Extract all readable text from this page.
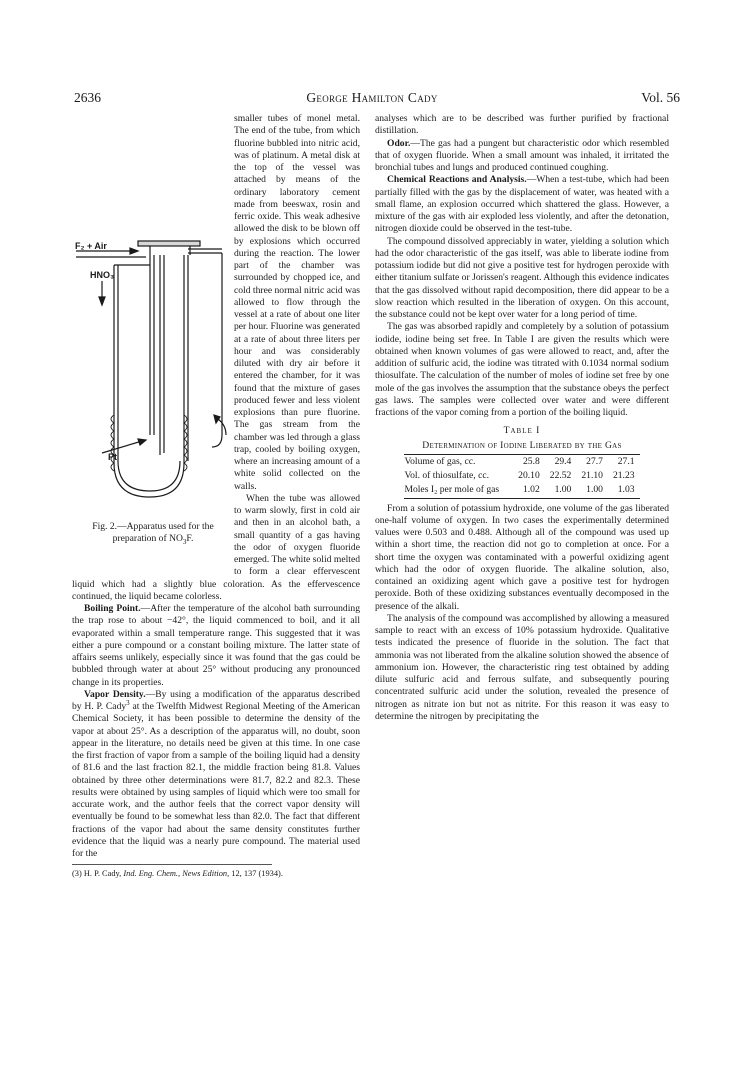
2636	George Hamilton Cady	Vol. 56

F₂ + Air
HNO₃
Pt
Fig. 2.—Apparatus used for the preparation of $NO_3F$.

smaller tubes of monel metal. The end of the tube, from which fluorine bubbled into nitric acid, was of platinum. A metal disk at the top of the vessel was attached by means of the ordinary laboratory cement made from beeswax, rosin and ferric oxide. This weak adhesive allowed the disk to be blown off by explosions which occurred during the reaction. The lower part of the chamber was surrounded by chopped ice, and cold three normal nitric acid was allowed to flow through the vessel at a rate of about one liter per hour. Fluorine was generated at a rate of about three liters per hour and was considerably diluted with dry air before it entered the chamber, for it was found that the mixture of gases produced fewer and less violent explosions than pure fluorine. The gas stream from the chamber was led through a glass trap, cooled by boiling oxygen, where an increasing amount of a white solid collected on the walls.

When the tube was allowed to warm slowly, first in cold air and then in an alcohol bath, a small quantity of a gas having the odor of oxygen fluoride emerged. The white solid melted to form a clear effervescent liquid which had a slightly blue coloration. As the effervescence continued, the liquid became colorless.

Boiling Point.—After the temperature of the alcohol bath surrounding the trap rose to about −42°, the liquid commenced to boil, and it all evaporated within a small temperature range. This suggested that it was either a pure compound or a constant boiling mixture. The latter state of affairs seems unlikely, especially since it was found that the gas could be bubbled through water at about 25° without producing any pronounced change in its properties.

Vapor Density.—By using a modification of the apparatus described by H. P. Cady$^3$ at the Twelfth Midwest Regional Meeting of the American Chemical Society, it has been possible to determine the density of the vapor at about 25°. As a description of the apparatus will, no doubt, soon appear in the literature, no details need be given at this time. In one case the first fraction of vapor from a sample of the boiling liquid had a density of 81.6 and the last fraction 82.1, the middle fraction being 81.8. Values obtained by three other determinations were 81.7, 82.2 and 82.3. These results were obtained by using samples of liquid which were too small for accurate work, and the author feels that the correct vapor density will eventually be found to be somewhat less than 82.0. The fact that different fractions of the vapor had about the same density constitutes further evidence that the liquid was a nearly pure compound. The material used for the

(3) H. P. Cady, Ind. Eng. Chem., News Edition, 12, 137 (1934).

analyses which are to be described was further purified by fractional distillation.

Odor.—The gas had a pungent but characteristic odor which resembled that of oxygen fluoride. When a small amount was inhaled, it irritated the bronchial tubes and lungs and produced continued coughing.

Chemical Reactions and Analysis.—When a test-tube, which had been partially filled with the gas by the displacement of water, was heated with a small flame, an explosion occurred which shattered the glass. However, a mixture of the gas with air exploded less violently, and after the detonation, nitrogen dioxide could be observed in the test-tube.

The compound dissolved appreciably in water, yielding a solution which had the odor characteristic of the gas itself, was able to liberate iodine from potassium iodide but did not give a positive test for hydrogen peroxide with either titanium sulfate or Jorissen's reagent. Although this evidence indicates that the gas dissolved without rapid decomposition, there did appear to be a slow reaction which resulted in the liberation of oxygen. On this account, the substance could not be kept over water for a long period of time.

The gas was absorbed rapidly and completely by a solution of potassium iodide, iodine being set free. In Table I are given the results which were obtained when known volumes of gas were allowed to react, and, after the addition of sulfuric acid, the iodine was titrated with 0.1034 normal sodium thiosulfate. The calculation of the number of moles of iodine set free by one mole of the gas involves the assumption that the substance obeys the perfect gas laws. The samples were collected over water and were different fractions of the vapor coming from a portion of the boiling liquid.

Table I
Determination of Iodine Liberated by the Gas
Volume of gas, cc.	25.8	29.4	27.7	27.1
Vol. of thiosulfate, cc.	20.10	22.52	21.10	21.23
Moles I₂ per mole of gas	1.02	1.00	1.00	1.03

From a solution of potassium hydroxide, one volume of the gas liberated one-half volume of oxygen. In two cases the experimentally determined values were 0.503 and 0.488. Although all of the compound was used up within a short time, the reaction did not go to completion at once. For a short time the oxygen was contaminated with a powerful oxidizing agent which had the odor of oxygen fluoride. The alkaline solution, also, contained an oxidizing agent which gave a positive test for hydrogen peroxide. Both of these oxidizing substances eventually decomposed in the presence of the alkali.

The analysis of the compound was accomplished by allowing a measured sample to react with an excess of 10% potassium hydroxide. Qualitative tests indicated the presence of fluoride in the solution. The fact that ammonia was not liberated from the alkaline solution showed the absence of ammonium ion. However, the characteristic ring test obtained by adding dilute sulfuric acid and ferrous sulfate, and subsequently pouring concentrated sulfuric acid under the solution, revealed the presence of nitrogen as nitrate ion but not as nitrite. For this reason it was easy to determine the nitrogen by precipitating the
